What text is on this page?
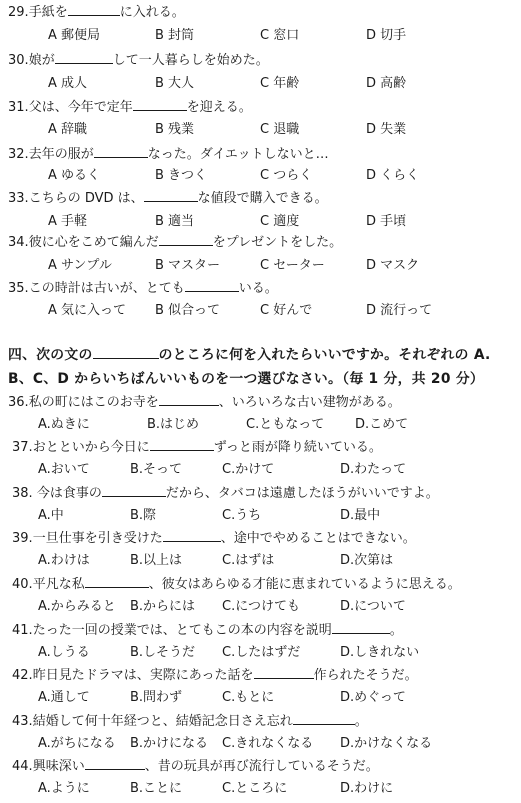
29.手紙を	に入れる。
A 郵便局	B 封筒	C 窓口	D 切手
30.娘が	して一人暮らしを始めた。
A 成人	B 大人	C 年齢	D 高齢
31.父は、今年で定年	を迎える。
A 辞職	B 残業	C 退職	D 失業
32.去年の服が	なった。ダイエットしないと…
A ゆるく	B きつく	C つらく	D くらく
33.こちらの DVD は、	な値段で購入できる。
A 手軽	B 適当	C 適度	D 手頃
34.彼に心をこめて編んだ	をプレゼントをした。
A サンプル	B マスター	C セーター	D マスク
35.この時計は古いが、とても	いる。
A 気に入って B 似合って	C 好んで	D 流行って
四、次の文の	のところに何を入れたらいいですか。それぞれの A.
B、C、D からいちばんいいものを一つ選びなさい。（毎 1 分，共 20 分）
36.私の町にはこのお寺を	、いろいろな古い建物がある。
A.ぬきに	B.はじめ	C.ともなって D.こめて
37.おとといから今日に	ずっと雨が降り続いている。
A.おいて	B.そって	C.かけて	D.わたって
38. 今は食事の	だから、タバコは遠慮したほうがいいですよ。
A.中	B.際	C.うち	D.最中
39.一旦仕事を引き受けた	、途中でやめることはできない。
A.わけは	B.以上は	C.はずは	D.次第は
40.平凡な私	、彼女はあらゆる才能に恵まれているように思える。
A.からみると B.からには C.につけても	D.について
41.たった一回の授業では、とてもこの本の内容を説明	。
A.しうる	B.しそうだ C.したはずだ	D.しきれない
42.昨日見たドラマは、実際にあった話を	作られたそうだ。
A.通して	B.問わず	C.もとに	D.めぐって
43.結婚して何十年経つと、結婚記念日さえ忘れ	。
A.がちになる B.かけになる C.きれなくなる D.かけなくなる
44.興味深い	、昔の玩具が再び流行しているそうだ。
A.ように	B.ことに	C.ところに	D.わけに
